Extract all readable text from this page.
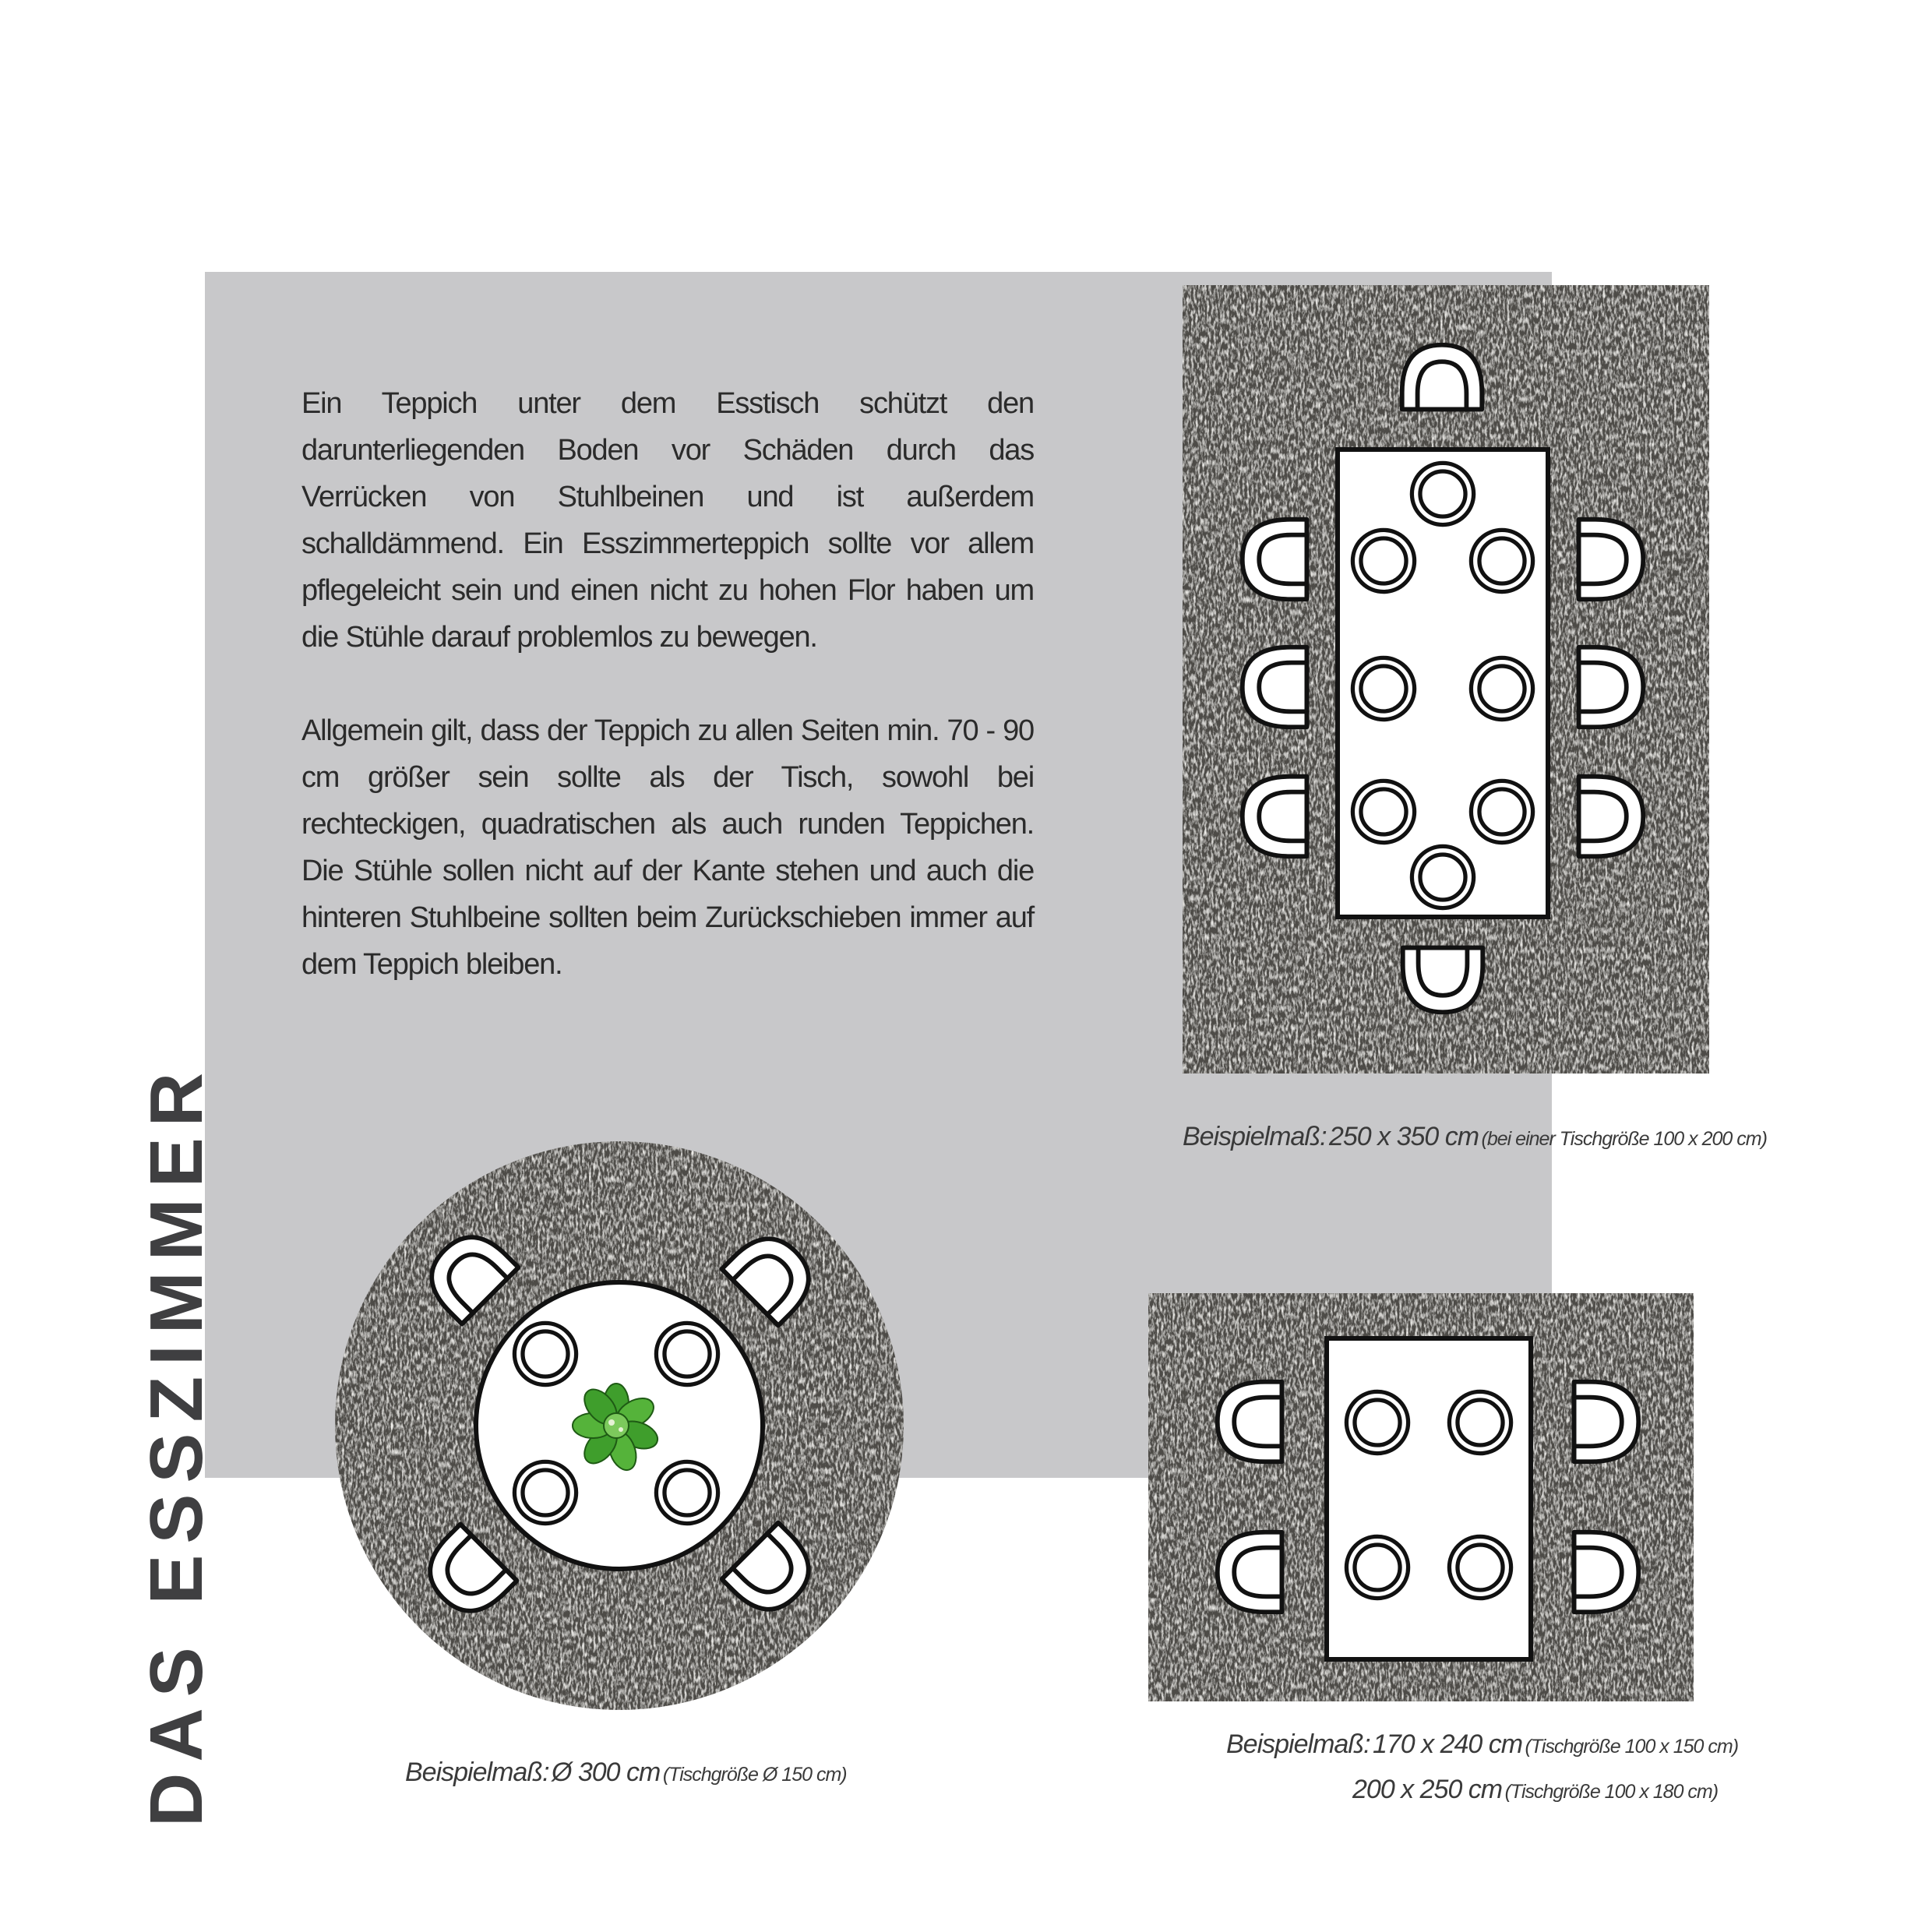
DAS ESSZIMMER

Ein Teppich unter dem Esstisch schützt den darunterliegenden Boden vor Schäden durch das Verrücken von Stuhlbeinen und ist außerdem schalldämmend. Ein Esszimmerteppich sollte vor allem pflegeleicht sein und einen nicht zu hohen Flor haben um die Stühle darauf problemlos zu bewegen.

Allgemein gilt, dass der Teppich zu allen Seiten min. 70 - 90 cm größer sein sollte als der Tisch, sowohl bei rechteckigen, quadratischen als auch runden Teppichen. Die Stühle sollen nicht auf der Kante stehen und auch die hinteren Stuhlbeine sollten beim Zurückschieben immer auf dem Teppich bleiben.

Beispielmaß: 250 x 350 cm (bei einer Tischgröße 100 x 200 cm)
Beispielmaß: Ø 300 cm (Tischgröße Ø 150 cm)
Beispielmaß: 170 x 240 cm (Tischgröße 100 x 150 cm)
200 x 250 cm (Tischgröße 100 x 180 cm)
